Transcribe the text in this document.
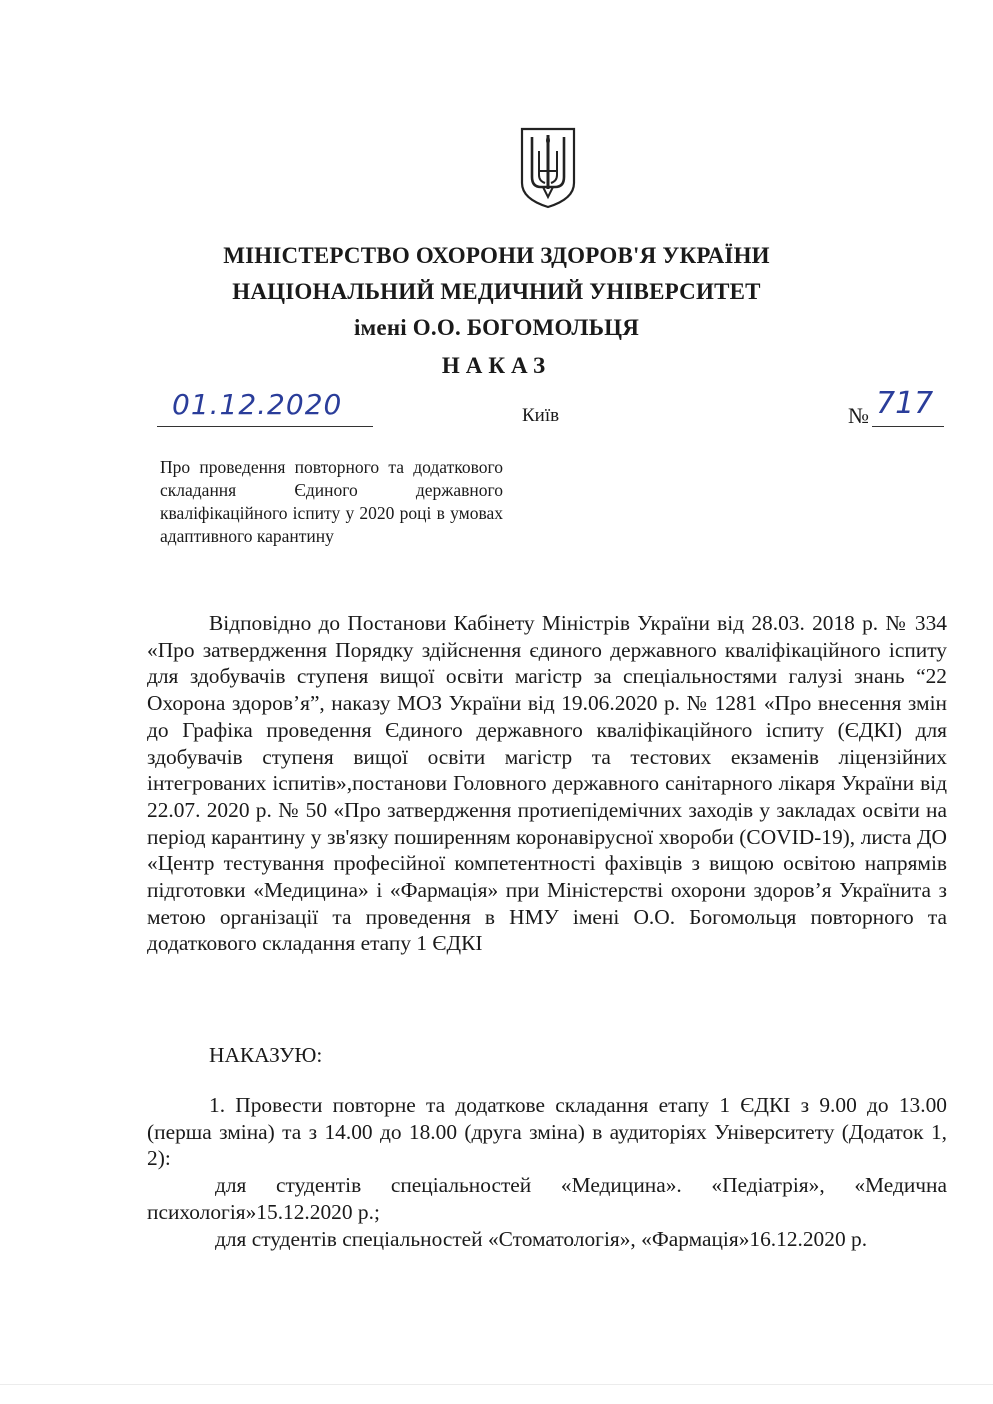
МІНІСТЕРСТВО ОХОРОНИ ЗДОРОВ'Я УКРАЇНИ
НАЦІОНАЛЬНИЙ МЕДИЧНИЙ УНІВЕРСИТЕТ
імені О.О. БОГОМОЛЬЦЯ
НАКАЗ
01.12.2020	Київ	№ 717
Про проведення повторного та додаткового складання Єдиного державного кваліфікаційного іспиту у 2020 році в умовах адаптивного карантину

Відповідно до Постанови Кабінету Міністрів України від 28.03. 2018 р. № 334 «Про затвердження Порядку здійснення єдиного державного кваліфікаційного іспиту для здобувачів ступеня вищої освіти магістр за спеціальностями галузі знань “22 Охорона здоров’я”, наказу МОЗ України від 19.06.2020 р. № 1281 «Про внесення змін до Графіка проведення Єдиного державного кваліфікаційного іспиту (ЄДКІ) для здобувачів ступеня вищої освіти магістр та тестових екзаменів ліцензійних інтегрованих іспитів»,постанови Головного державного санітарного лікаря України від 22.07. 2020 р. № 50 «Про затвердження протиепідемічних заходів у закладах освіти на період карантину у зв'язку поширенням коронавірусної хвороби (COVID-19), листа ДО «Центр тестування професійної компетентності фахівців з вищою освітою напрямів підготовки «Медицина» і «Фармація» при Міністерстві охорони здоров’я Українита з метою організації та проведення в НМУ імені О.О. Богомольця повторного та додаткового складання етапу 1 ЄДКІ

НАКАЗУЮ:

1. Провести повторне та додаткове складання етапу 1 ЄДКІ з 9.00 до 13.00 (перша зміна) та з 14.00 до 18.00 (друга зміна) в аудиторіях Університету (Додаток 1, 2):

для студентів спеціальностей «Медицина». «Педіатрія», «Медична психологія»15.12.2020 р.;

для студентів спеціальностей «Стоматологія», «Фармація»16.12.2020 р.
